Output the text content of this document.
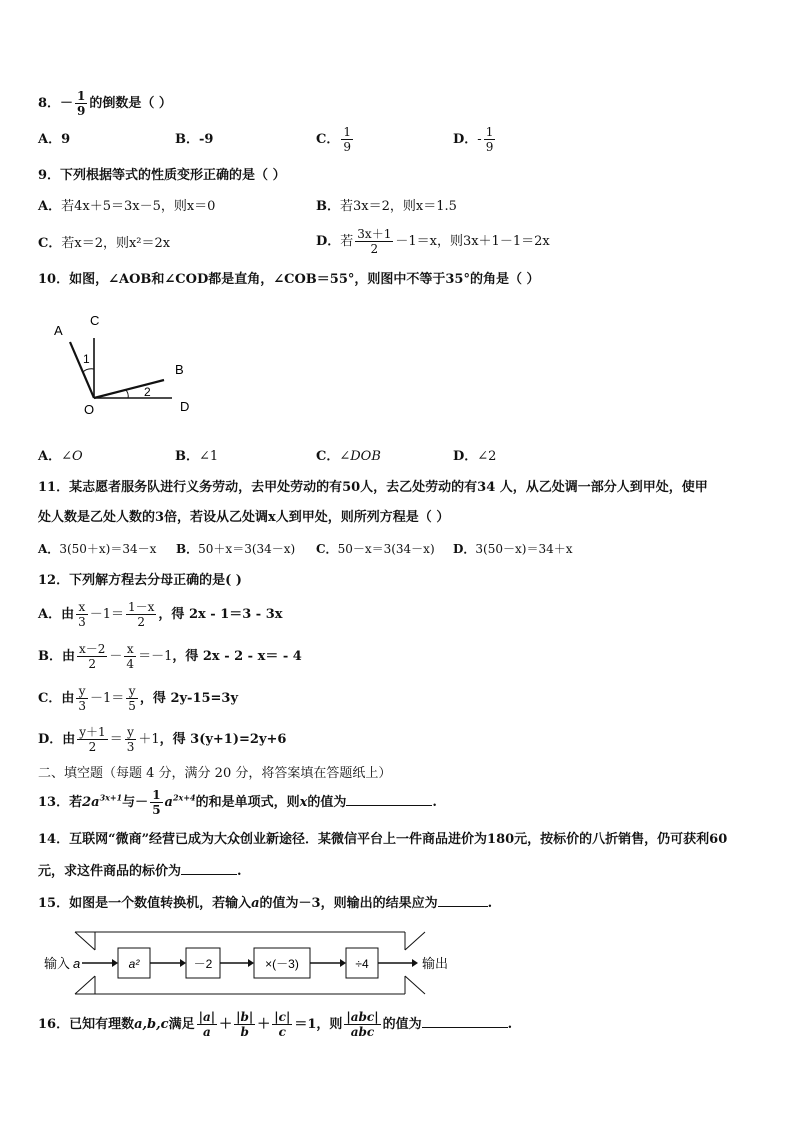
8．－ $\frac{1}{9}$ 的倒数是（ ）
A．9	B．-9	C． $\frac{1}{9}$	D．- $\frac{1}{9}$
9．下列根据等式的性质变形正确的是（ ）
A．若4x＋5＝3x－5，则x＝0	B．若3x＝2，则x＝1.5
C．若x＝2，则x²＝2x	D．若 $\frac{3x+1}{2} -1=x$，则3x＋1－1＝2x
10．如图，∠AOB和∠COD都是直角，∠COB＝55°，则图中不等于35°的角是（ ）
A
C
B
O	D
1
2
A．∠O	B．∠1	C．∠DOB	D．∠2
11．某志愿者服务队进行义务劳动，去甲处劳动的有50人，去乙处劳动的有34 人，从乙处调一部分人到甲处，使甲
处人数是乙处人数的3倍，若设从乙处调x人到甲处，则所列方程是（ ）
A．3(50＋x)＝34－x B．50＋x＝3(34－x) C．50－x＝3(34－x) D．3(50－x)＝34＋x
12．下列解方程去分母正确的是( )
A．由 $\frac{x}{3} -1= \frac{1-x}{2}$ ，得 2x - 1＝3 - 3x
B．由 $\frac{x-2}{2} - \frac{x}{4} =-1$，得 2x - 2 - x＝ - 4
C．由 $\frac{y}{3} -1= \frac{y}{5}$ ，得 2y-15=3y
D．由 $\frac{y+1}{2} = \frac{y}{3} +1$，得 3(y+1)=2y+6
二、填空题（每题 4 分，满分 20 分，将答案填在答题纸上）
13．若$2a^{3x+1}$与－ $\frac{1}{5} a^{2x+4}$的和是单项式，则x的值为	.
14．互联网“微商”经营已成为大众创业新途径．某微信平台上一件商品进价为180元，按标价的八折销售，仍可获利60
元，求这件商品的标价为	.
15．如图是一个数值转换机，若输入a的值为－3，则输出的结果应为	.
输入 a	a²	－2	×(－3)	÷4	输出
16．已知有理数a,b,c满足 $\frac{|a|}{a} + \frac{|b|}{b} + \frac{|c|}{c} =1$，则 $\frac{\text{|abc|}}{\text{abc}}$ 的值为	.
